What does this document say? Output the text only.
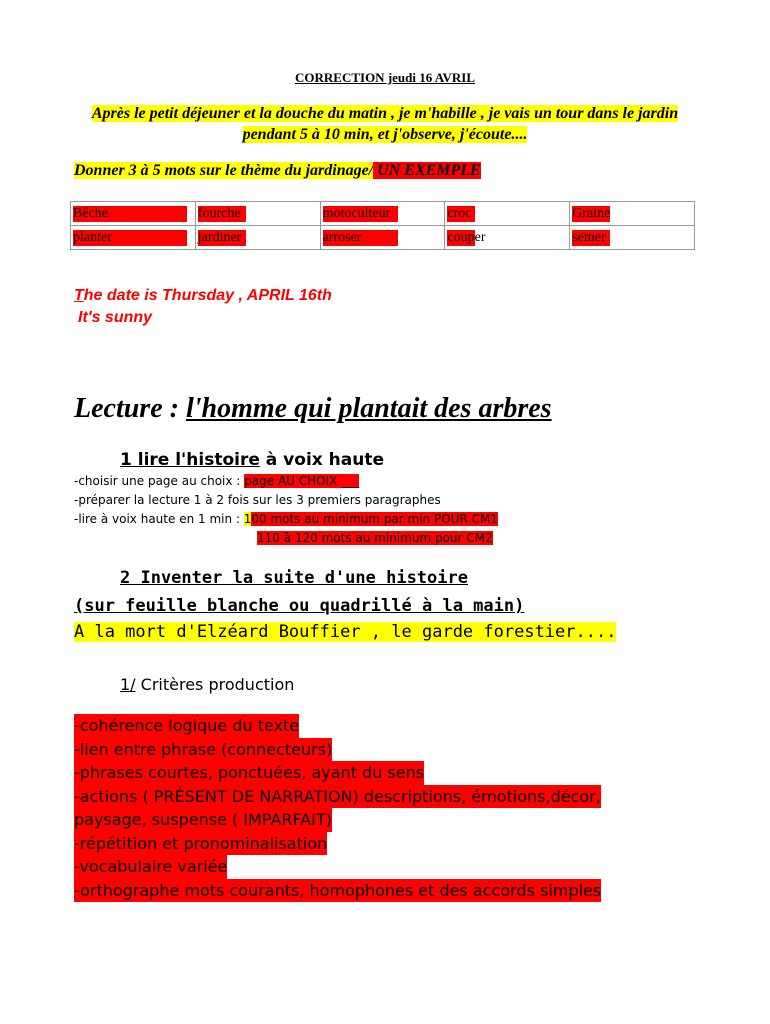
CORRECTION jeudi 16 AVRIL
Après le petit déjeuner et la douche du matin , je m'habille , je vais un tour dans le jardin pendant 5 à 10 min, et j'observe, j'écoute....
Donner 3 à 5 mots sur le thème du jardinage/ UN EXEMPLE
Bêche	fourche	motoculteur	croc	Graine
planter	jardiner	arroser	couper	semer
The date is Thursday , APRIL 16th
It's sunny
Lecture : l'homme qui plantait des arbres
1 lire l'histoire à voix haute
-choisir une page au choix : page AU CHOIX ___
-préparer la lecture 1 à 2 fois sur les 3 premiers paragraphes
-lire à voix haute en 1 min : 100 mots au minimum par min POUR CM1
110 à 120 mots au minimum pour CM2
2 Inventer la suite d'une histoire
(sur feuille blanche ou quadrillé à la main)
A la mort d'Elzéard Bouffier , le garde forestier....
1/ Critères production
-cohérence logique du texte
-lien entre phrase (connecteurs)
-phrases courtes, ponctuées, ayant du sens
-actions ( PRÉSENT DE NARRATION) descriptions, émotions,décor,
paysage, suspense ( IMPARFAIT)
-répétition et pronominalisation
-vocabulaire variée
-orthographe mots courants, homophones et des accords simples
